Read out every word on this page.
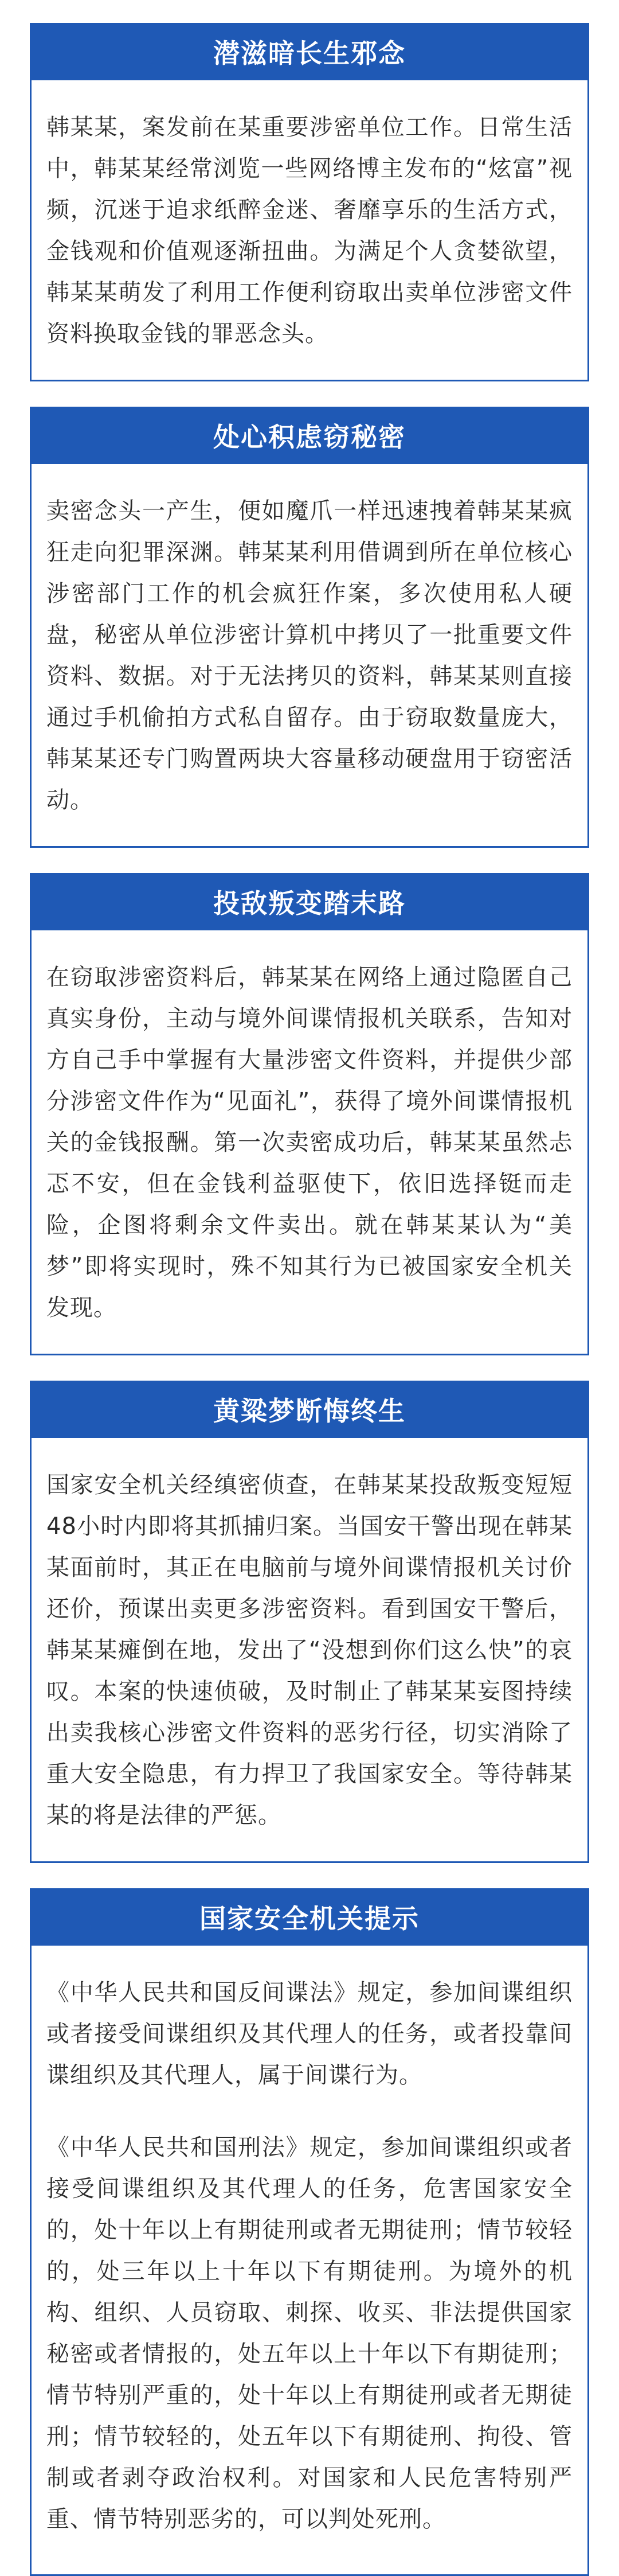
潜滋暗长生邪念

韩某某，案发前在某重要涉密单位工作。日常生活中，韩某某经常浏览一些网络博主发布的“炫富”视频，沉迷于追求纸醉金迷、奢靡享乐的生活方式，金钱观和价值观逐渐扭曲。为满足个人贪婪欲望，韩某某萌发了利用工作便利窃取出卖单位涉密文件资料换取金钱的罪恶念头。

处心积虑窃秘密

卖密念头一产生，便如魔爪一样迅速拽着韩某某疯狂走向犯罪深渊。韩某某利用借调到所在单位核心涉密部门工作的机会疯狂作案，多次使用私人硬盘，秘密从单位涉密计算机中拷贝了一批重要文件资料、数据。对于无法拷贝的资料，韩某某则直接通过手机偷拍方式私自留存。由于窃取数量庞大，韩某某还专门购置两块大容量移动硬盘用于窃密活动。

投敌叛变踏末路

在窃取涉密资料后，韩某某在网络上通过隐匿自己真实身份，主动与境外间谍情报机关联系，告知对方自己手中掌握有大量涉密文件资料，并提供少部分涉密文件作为“见面礼”，获得了境外间谍情报机关的金钱报酬。第一次卖密成功后，韩某某虽然忐忑不安，但在金钱利益驱使下，依旧选择铤而走险，企图将剩余文件卖出。就在韩某某认为“美梦”即将实现时，殊不知其行为已被国家安全机关发现。

黄粱梦断悔终生

国家安全机关经缜密侦查，在韩某某投敌叛变短短48小时内即将其抓捕归案。当国安干警出现在韩某某面前时，其正在电脑前与境外间谍情报机关讨价还价，预谋出卖更多涉密资料。看到国安干警后，韩某某瘫倒在地，发出了“没想到你们这么快”的哀叹。本案的快速侦破，及时制止了韩某某妄图持续出卖我核心涉密文件资料的恶劣行径，切实消除了重大安全隐患，有力捍卫了我国家安全。等待韩某某的将是法律的严惩。

国家安全机关提示

《中华人民共和国反间谍法》规定，参加间谍组织或者接受间谍组织及其代理人的任务，或者投靠间谍组织及其代理人，属于间谍行为。

《中华人民共和国刑法》规定，参加间谍组织或者接受间谍组织及其代理人的任务，危害国家安全的，处十年以上有期徒刑或者无期徒刑；情节较轻的，处三年以上十年以下有期徒刑。为境外的机构、组织、人员窃取、刺探、收买、非法提供国家秘密或者情报的，处五年以上十年以下有期徒刑；情节特别严重的，处十年以上有期徒刑或者无期徒刑；情节较轻的，处五年以下有期徒刑、拘役、管制或者剥夺政治权利。对国家和人民危害特别严重、情节特别恶劣的，可以判处死刑。
